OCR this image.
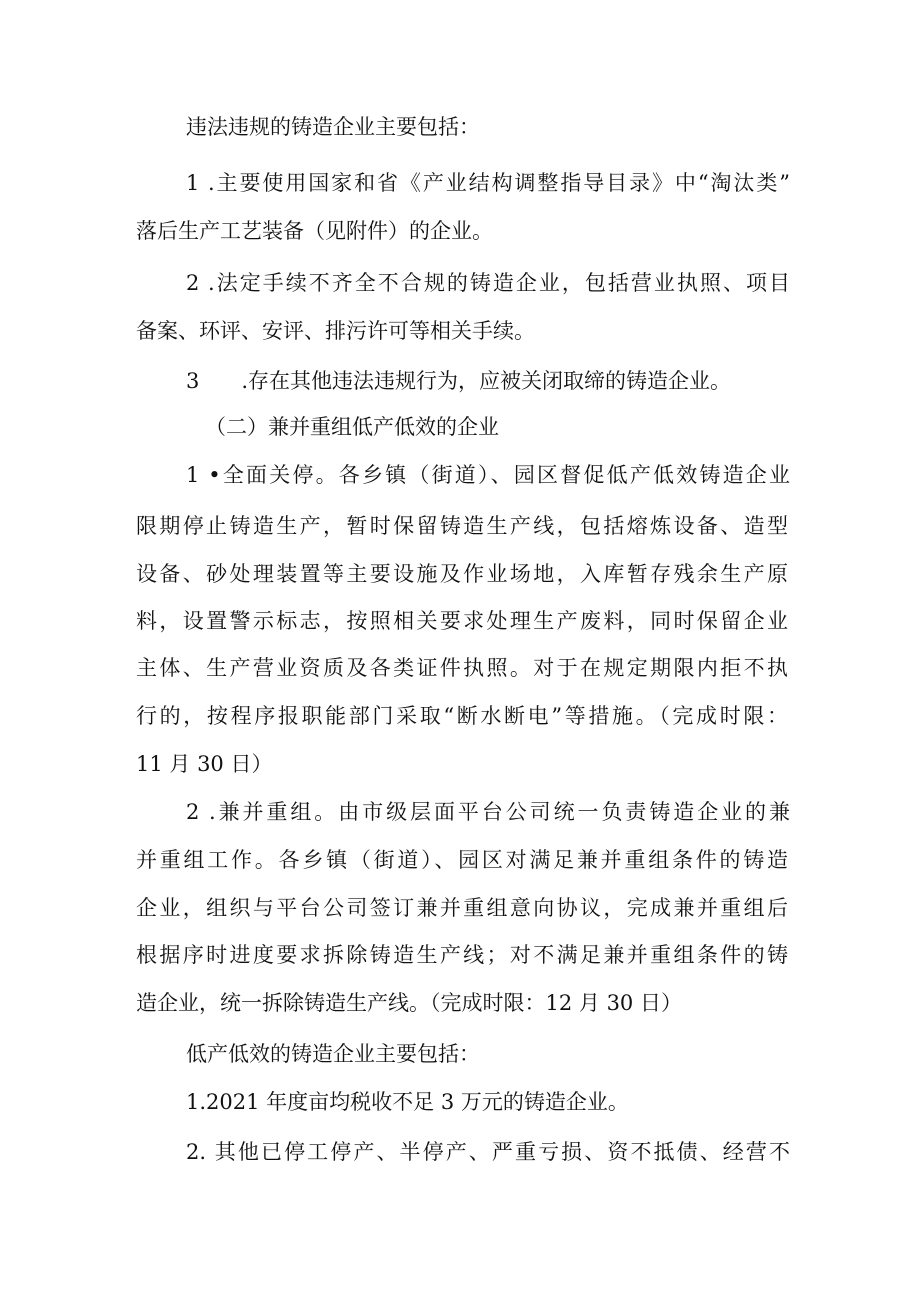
违法违规的铸造企业主要包括：

1 .主要使用国家和省《产业结构调整指导目录》中“淘汰类”

落后生产工艺装备（见附件）的企业。

2 .法定手续不齐全不合规的铸造企业，包括营业执照、项目

备案、环评、安评、排污许可等相关手续。

3　　.存在其他违法违规行为，应被关闭取缔的铸造企业。

（二）兼并重组低产低效的企业

1 •全面关停。各乡镇（街道）、园区督促低产低效铸造企业

限期停止铸造生产，暂时保留铸造生产线，包括熔炼设备、造型

设备、砂处理装置等主要设施及作业场地，入库暂存残余生产原

料，设置警示标志，按照相关要求处理生产废料，同时保留企业

主体、生产营业资质及各类证件执照。对于在规定期限内拒不执

行的，按程序报职能部门采取“断水断电”等措施。（完成时限：

11 月 30 日）

2 .兼并重组。由市级层面平台公司统一负责铸造企业的兼

并重组工作。各乡镇（街道）、园区对满足兼并重组条件的铸造

企业，组织与平台公司签订兼并重组意向协议，完成兼并重组后

根据序时进度要求拆除铸造生产线；对不满足兼并重组条件的铸

造企业，统一拆除铸造生产线。（完成时限：12 月 30 日）

低产低效的铸造企业主要包括：

1.2021 年度亩均税收不足 3 万元的铸造企业。

2. 其他已停工停产、半停产、严重亏损、资不抵债、经营不
